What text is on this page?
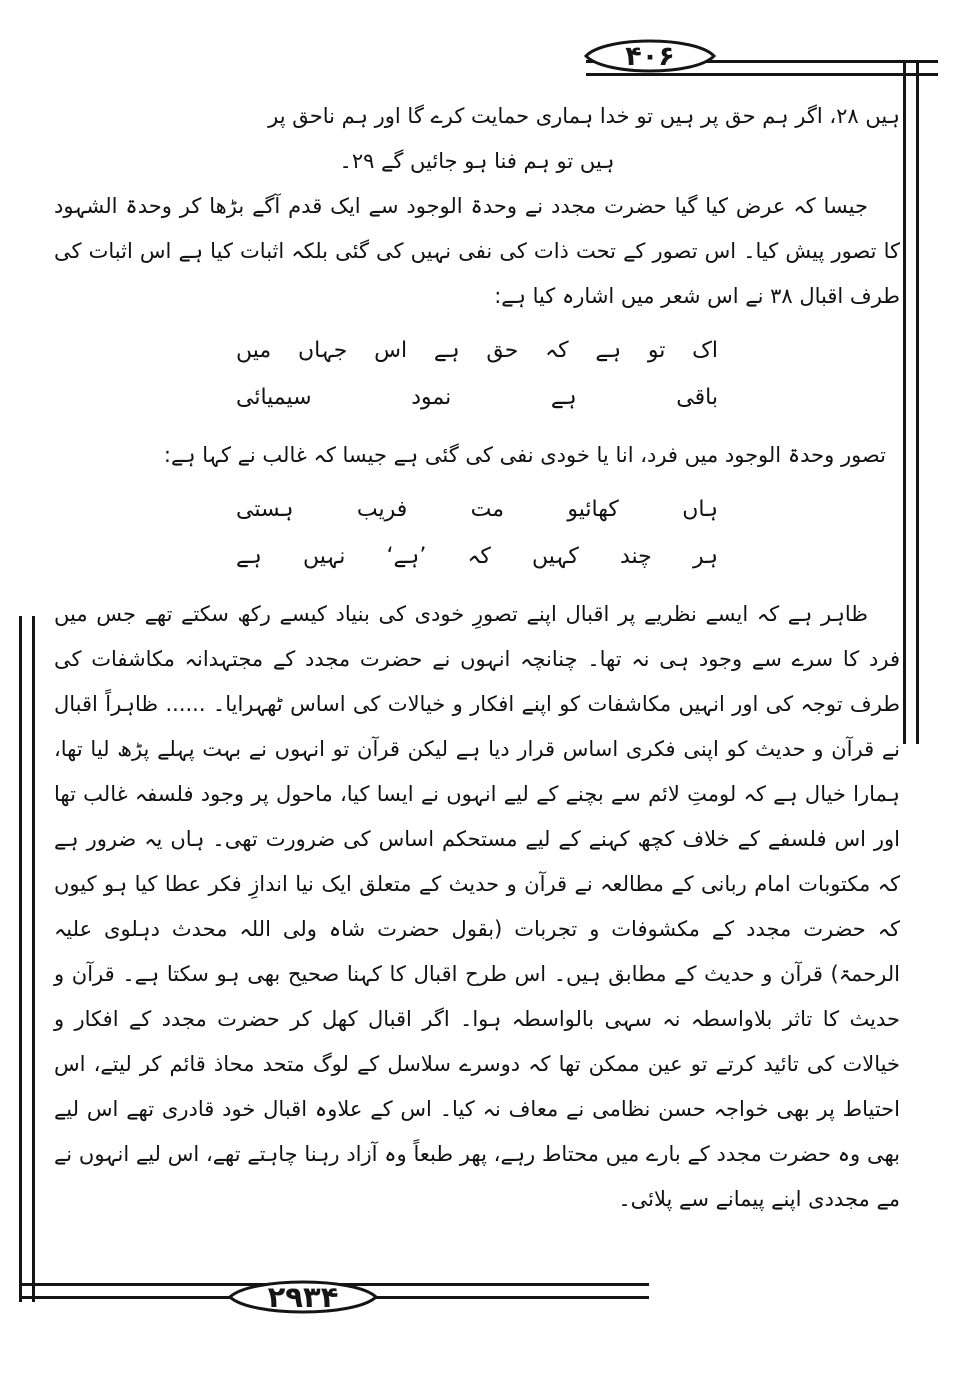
۴۰۶
۲۹۳۴

ہیں ۲۸، اگر ہم حق پر ہیں تو خدا ہماری حمایت کرے گا اور ہم ناحق پر

ہیں تو ہم فنا ہو جائیں گے ۲۹۔

جیسا کہ عرض کیا گیا حضرت مجدد نے وحدۃ الوجود سے ایک قدم آگے بڑھا کر وحدۃ الشہود کا تصور پیش کیا۔ اس تصور کے تحت ذات کی نفی نہیں کی گئی بلکہ اثبات کیا ہے اس اثبات کی طرف اقبال ۳۸ نے اس شعر میں اشارہ کیا ہے:

اک تو ہے کہ حق ہے اس جہاں میں

باقی ہے نمود سیمیائی

تصور وحدۃ الوجود میں فرد، انا یا خودی نفی کی گئی ہے جیسا کہ غالب نے کہا ہے:

ہاں کھائیو مت فریب ہستی

ہر چند کہیں کہ ’ہے‘ نہیں ہے

ظاہر ہے کہ ایسے نظریے پر اقبال اپنے تصورِ خودی کی بنیاد کیسے رکھ سکتے تھے جس میں فرد کا سرے سے وجود ہی نہ تھا۔ چنانچہ انہوں نے حضرت مجدد کے مجتہدانہ مکاشفات کی طرف توجہ کی اور انہیں مکاشفات کو اپنے افکار و خیالات کی اساس ٹھہرایا۔ ...... ظاہراً اقبال نے قرآن و حدیث کو اپنی فکری اساس قرار دیا ہے لیکن قرآن تو انہوں نے بہت پہلے پڑھ لیا تھا، ہمارا خیال ہے کہ لومتِ لائم سے بچنے کے لیے انہوں نے ایسا کیا، ماحول پر وجود فلسفہ غالب تھا اور اس فلسفے کے خلاف کچھ کہنے کے لیے مستحکم اساس کی ضرورت تھی۔ ہاں یہ ضرور ہے کہ مکتوبات امام ربانی کے مطالعہ نے قرآن و حدیث کے متعلق ایک نیا اندازِ فکر عطا کیا ہو کیوں کہ حضرت مجدد کے مکشوفات و تجربات (بقول حضرت شاہ ولی اللہ محدث دہلوی علیہ الرحمۃ) قرآن و حدیث کے مطابق ہیں۔ اس طرح اقبال کا کہنا صحیح بھی ہو سکتا ہے۔ قرآن و حدیث کا تاثر بلاواسطہ نہ سہی بالواسطہ ہوا۔ اگر اقبال کھل کر حضرت مجدد کے افکار و خیالات کی تائید کرتے تو عین ممکن تھا کہ دوسرے سلاسل کے لوگ متحد محاذ قائم کر لیتے، اس احتیاط پر بھی خواجہ حسن نظامی نے معاف نہ کیا۔ اس کے علاوہ اقبال خود قادری تھے اس لیے بھی وہ حضرت مجدد کے بارے میں محتاط رہے، پھر طبعاً وہ آزاد رہنا چاہتے تھے، اس لیے انہوں نے مے مجددی اپنے پیمانے سے پلائی۔
